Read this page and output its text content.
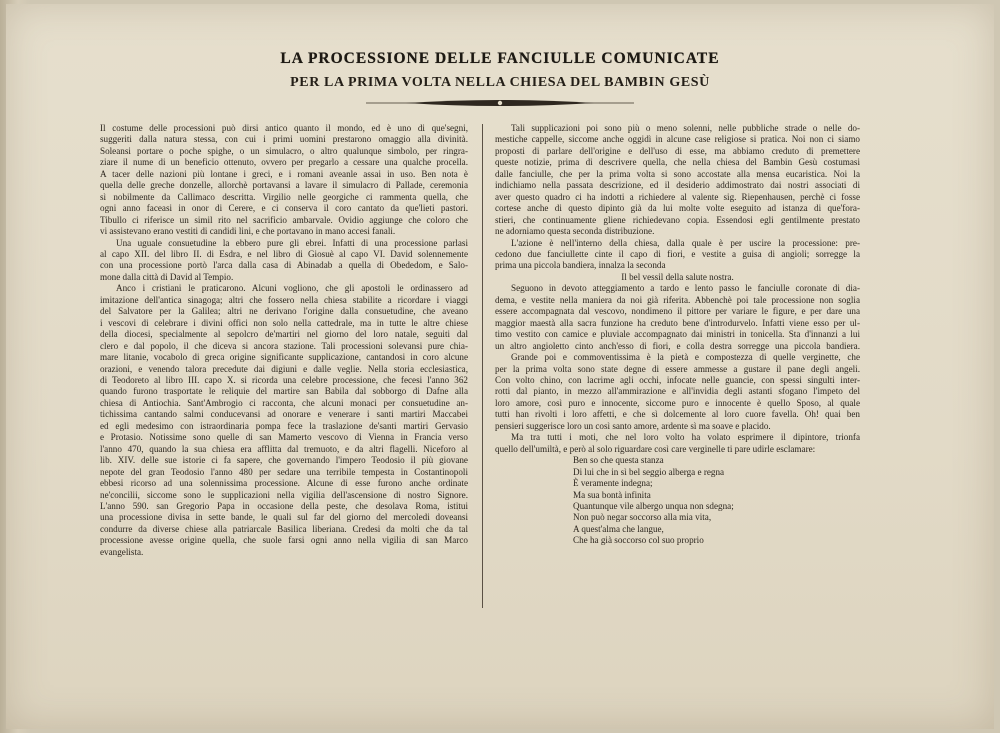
LA PROCESSIONE DELLE FANCIULLE COMUNICATE
PER LA PRIMA VOLTA NELLA CHIESA DEL BAMBIN GESÙ

Il costume delle processioni può dirsi antico quanto il mondo, ed è uno di que'segni,

suggeriti dalla natura stessa, con cui i primi uomini prestarono omaggio alla divinità.

Soleansi portare o poche spighe, o un simulacro, o altro qualunque simbolo, per ringra-

ziare il nume di un beneficio ottenuto, ovvero per pregarlo a cessare una qualche procella.

A tacer delle nazioni più lontane i greci, e i romani aveanle assai in uso. Ben nota è

quella delle greche donzelle, allorchè portavansi a lavare il simulacro di Pallade, ceremonia

sì nobilmente da Callimaco descritta. Virgilio nelle georgiche ci rammenta quella, che

ogni anno faceasi in onor di Cerere, e ci conserva il coro cantato da que'lieti pastori.

Tibullo ci riferisce un simil rito nel sacrificio ambarvale. Ovidio aggiunge che coloro che

vi assistevano erano vestiti di candidi lini, e che portavano in mano accesi fanali.

Una uguale consuetudine la ebbero pure gli ebrei. Infatti di una processione parlasi

al capo XII. del libro II. di Esdra, e nel libro di Giosuè al capo VI. David solennemente

con una processione portò l'arca dalla casa di Abinadab a quella di Obededom, e Salo-

mone dalla città di David al Tempio.

Anco i cristiani le praticarono. Alcuni vogliono, che gli apostoli le ordinassero ad

imitazione dell'antica sinagoga; altri che fossero nella chiesa stabilite a ricordare i viaggi

del Salvatore per la Galilea; altri ne derivano l'origine dalla consuetudine, che aveano

i vescovi di celebrare i divini offici non solo nella cattedrale, ma in tutte le altre chiese

della diocesi, specialmente al sepolcro de'martiri nel giorno del loro natale, seguiti dal

clero e dal popolo, il che diceva si ancora stazione. Tali processioni solevansi pure chia-

mare litanie, vocabolo di greca origine significante supplicazione, cantandosi in coro alcune

orazioni, e venendo talora precedute dai digiuni e dalle veglie. Nella storia ecclesiastica,

di Teodoreto al libro III. capo X. si ricorda una celebre processione, che fecesi l'anno 362

quando furono trasportate le reliquie del martire san Babila dal sobborgo di Dafne alla

chiesa di Antiochia. Sant'Ambrogio ci racconta, che alcuni monaci per consuetudine an-

tichissima cantando salmi conducevansi ad onorare e venerare i santi martiri Maccabei

ed egli medesimo con istraordinaria pompa fece la traslazione de'santi martiri Gervasio

e Protasio. Notissime sono quelle di san Mamerto vescovo di Vienna in Francia verso

l'anno 470, quando la sua chiesa era afflitta dal tremuoto, e da altri flagelli. Niceforo al

lib. XIV. delle sue istorie ci fa sapere, che governando l'impero Teodosio il più giovane

nepote del gran Teodosio l'anno 480 per sedare una terribile tempesta in Costantinopoli

ebbesi ricorso ad una solennissima processione. Alcune di esse furono anche ordinate

ne'concilii, siccome sono le supplicazioni nella vigilia dell'ascensione di nostro Signore.

L'anno 590. san Gregorio Papa in occasione della peste, che desolava Roma, istitui

una processione divisa in sette bande, le quali sul far del giorno del mercoledi doveansi

condurre da diverse chiese alla patriarcale Basilica liberiana. Credesi da molti che da tal

processione avesse origine quella, che suole farsi ogni anno nella vigilia di san Marco

evangelista.

Tali supplicazioni poi sono più o meno solenni, nelle pubbliche strade o nelle do-

mestiche cappelle, siccome anche oggidì in alcune case religiose si pratica. Noi non ci siamo

proposti di parlare dell'origine e dell'uso di esse, ma abbiamo creduto di premettere

queste notizie, prima di descrivere quella, che nella chiesa del Bambin Gesù costumasi

dalle fanciulle, che per la prima volta si sono accostate alla mensa eucaristica. Noi la

indichiamo nella passata descrizione, ed il desiderio addimostrato dai nostri associati di

aver questo quadro ci ha indotti a richiedere al valente sig. Riepenhausen, perchè ci fosse

cortese anche di questo dipinto già da lui molte volte eseguito ad istanza di que'fora-

stieri, che continuamente gliene richiedevano copia. Essendosi egli gentilmente prestato

ne adorniamo questa seconda distribuzione.

L'azione è nell'interno della chiesa, dalla quale è per uscire la processione: pre-

cedono due fanciullette cinte il capo di fiori, e vestite a guisa di angioli; sorregge la

prima una piccola bandiera, innalza la seconda

Il bel vessil della salute nostra.

Seguono in devoto atteggiamento a tardo e lento passo le fanciulle coronate di dia-

dema, e vestite nella maniera da noi già riferita. Abbenchè poi tale processione non soglia

essere accompagnata dal vescovo, nondimeno il pittore per variare le figure, e per dare una

maggior maestà alla sacra funzione ha creduto bene d'introdurvelo. Infatti viene esso per ul-

timo vestito con camice e pluviale accompagnato dai ministri in tonicella. Sta d'innanzi a lui

un altro angioletto cinto anch'esso di fiori, e colla destra sorregge una piccola bandiera.

Grande poi e commoventissima è la pietà e compostezza di quelle verginette, che

per la prima volta sono state degne di essere ammesse a gustare il pane degli angeli.

Con volto chino, con lacrime agli occhi, infocate nelle guancie, con spessi singulti inter-

rotti dal pianto, in mezzo all'ammirazione e all'invidia degli astanti sfogano l'impeto del

loro amore, così puro e innocente, siccome puro e innocente è quello Sposo, al quale

tutti han rivolti i loro affetti, e che sì dolcemente al loro cuore favella. Oh! quai ben

pensieri suggerisce loro un così santo amore, ardente sì ma soave e placido.

Ma tra tutti i moti, che nel loro volto ha volato esprimere il dipintore, trionfa

quello dell'umiltà, e però al solo riguardare così care verginelle ti pare udirle esclamare:

Ben so che questa stanza

Di lui che in sì bel seggio alberga e regna

È veramente indegna;

Ma sua bontà infinita

Quantunque vile albergo unqua non sdegna;

Non può negar soccorso alla mia vita,

A quest'alma che langue,

Che ha già soccorso col suo proprio
